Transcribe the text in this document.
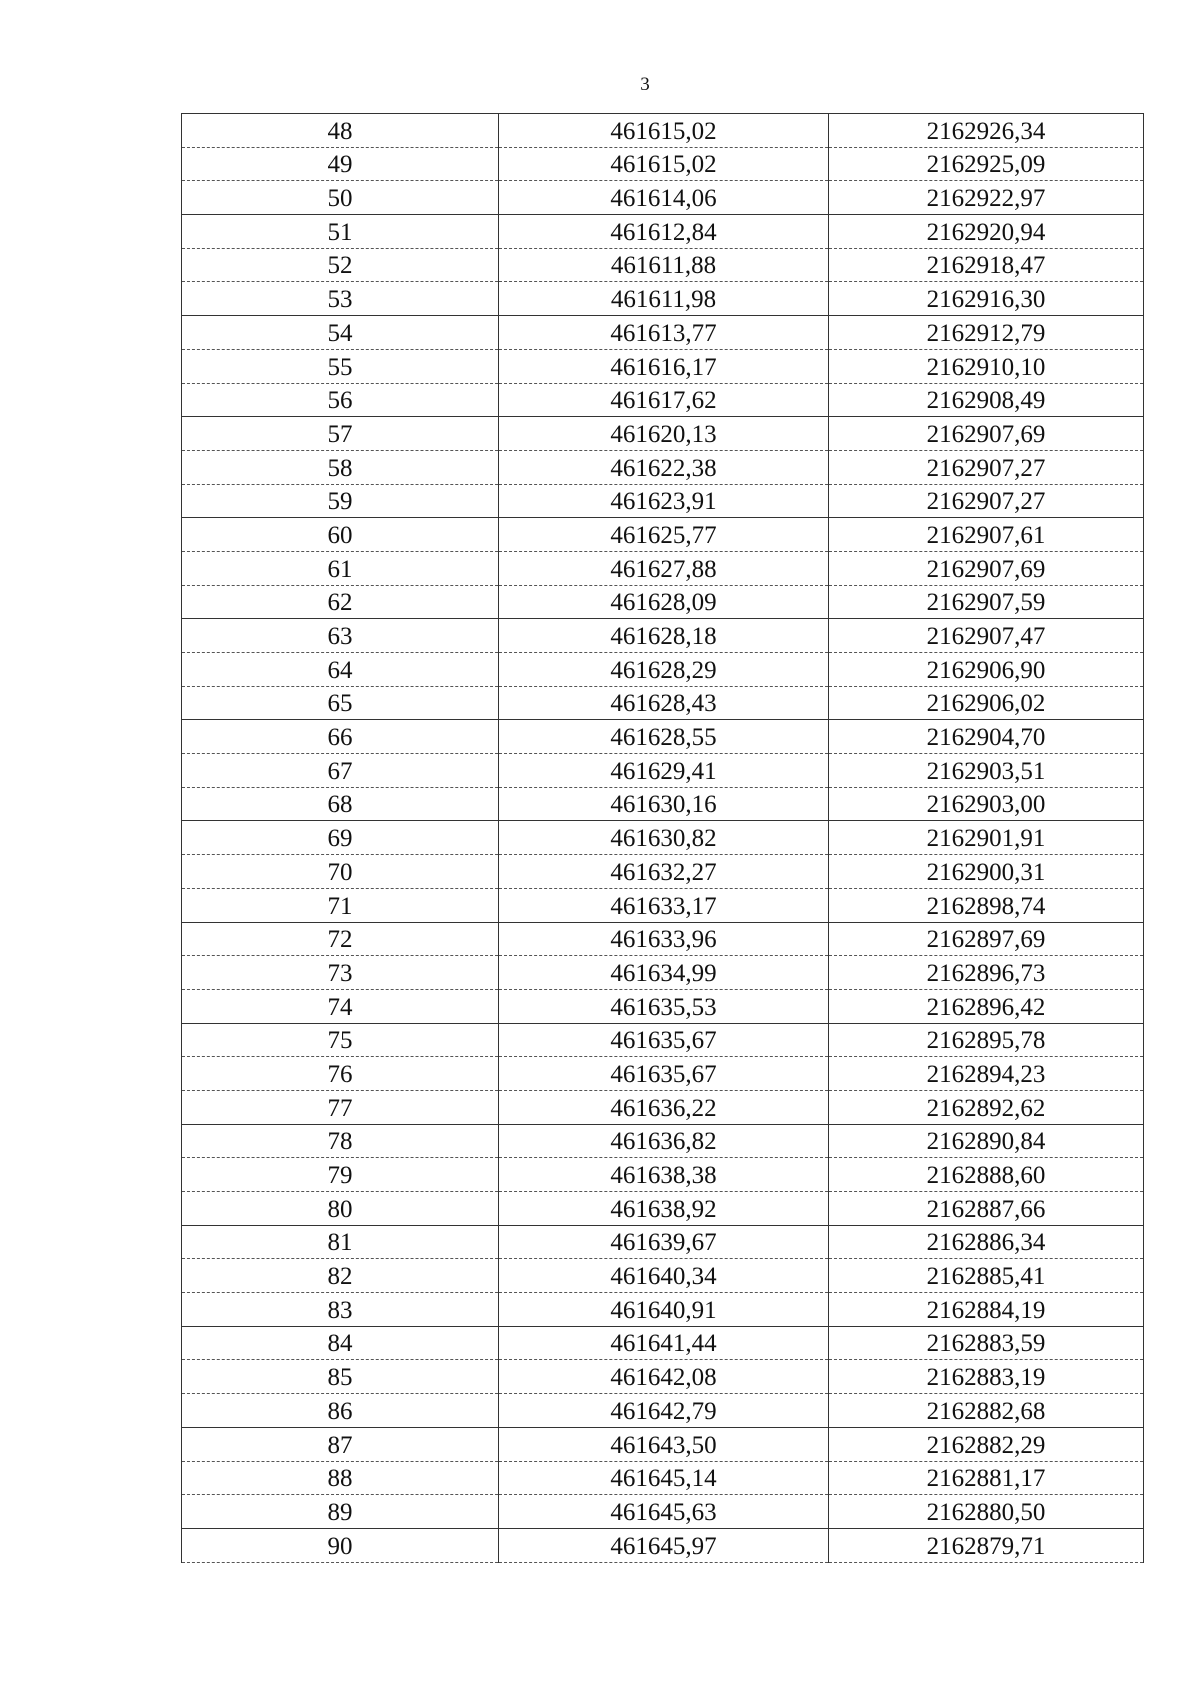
3
48	461615,02	2162926,34
49	461615,02	2162925,09
50	461614,06	2162922,97
51	461612,84	2162920,94
52	461611,88	2162918,47
53	461611,98	2162916,30
54	461613,77	2162912,79
55	461616,17	2162910,10
56	461617,62	2162908,49
57	461620,13	2162907,69
58	461622,38	2162907,27
59	461623,91	2162907,27
60	461625,77	2162907,61
61	461627,88	2162907,69
62	461628,09	2162907,59
63	461628,18	2162907,47
64	461628,29	2162906,90
65	461628,43	2162906,02
66	461628,55	2162904,70
67	461629,41	2162903,51
68	461630,16	2162903,00
69	461630,82	2162901,91
70	461632,27	2162900,31
71	461633,17	2162898,74
72	461633,96	2162897,69
73	461634,99	2162896,73
74	461635,53	2162896,42
75	461635,67	2162895,78
76	461635,67	2162894,23
77	461636,22	2162892,62
78	461636,82	2162890,84
79	461638,38	2162888,60
80	461638,92	2162887,66
81	461639,67	2162886,34
82	461640,34	2162885,41
83	461640,91	2162884,19
84	461641,44	2162883,59
85	461642,08	2162883,19
86	461642,79	2162882,68
87	461643,50	2162882,29
88	461645,14	2162881,17
89	461645,63	2162880,50
90	461645,97	2162879,71
